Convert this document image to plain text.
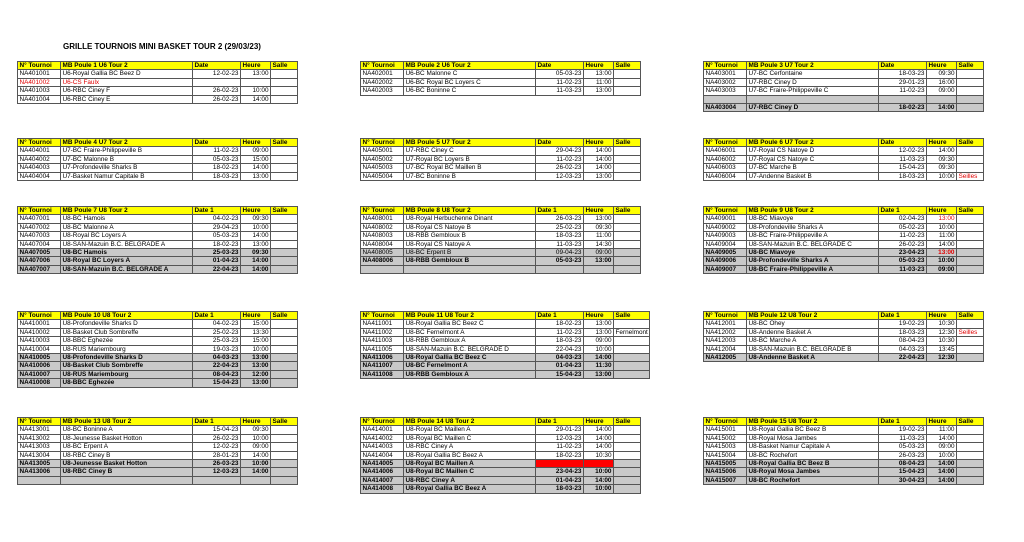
GRILLE TOURNOIS MINI BASKET TOUR 2 (29/03/23)
N° Tournoi	MB Poule 1 U6 Tour 2	Date	Heure	Salle
NA401001	U6-Royal Gallia BC Beez D	12-02-23	13:00	
NA401002	U6-CS Faulx			
NA401003	U6-RBC Ciney F	26-02-23	10:00	
NA401004	U6-RBC Ciney E	26-02-23	14:00	
N° Tournoi	MB Poule 2 U6 Tour 2	Date	Heure	Salle
NA402001	U6-BC Malonne C	05-03-23	13:00	
NA402002	U6-BC Royal BC Loyers C	11-02-23	11:00	
NA402003	U6-BC Boninne C	11-03-23	13:00	
N° Tournoi	MB Poule 3 U7 Tour 2	Date	Heure	Salle
NA403001	U7-BC Cerfontaine	18-03-23	09:30	
NA403002	U7-RBC Ciney D	29-01-23	16:00	
NA403003	U7-BC Fraire-Philippeville C	11-02-23	09:00	

NA403004	U7-RBC Ciney D	18-02-23	14:00	
N° Tournoi	MB Poule 4 U7 Tour 2	Date	Heure	Salle
NA404001	U7-BC Fraire-Philippeville B	11-02-23	09:00	
NA404002	U7-BC Malonne B	05-03-23	15:00	
NA404003	U7-Profondeville Sharks B	18-02-23	14:00	
NA404004	U7-Basket Namur Capitale B	18-03-23	13:00	
N° Tournoi	MB Poule 5 U7 Tour 2	Date	Heure	Salle
NA405001	U7-RBC Ciney C	29-04-23	14:00	
NA405002	U7-Royal BC Loyers B	11-02-23	14:00	
NA405003	U7-BC Royal BC Maillen B	26-02-23	14:00	
NA405004	U7-BC Boninne B	12-03-23	13:00	
N° Tournoi	MB Poule 6 U7 Tour 2	Date	Heure	Salle
NA406001	U7-Royal CS Natoye D	12-02-23	14:00	
NA406002	U7-Royal CS Natoye C	11-03-23	09:30	
NA406003	U7-BC Marche B	15-04-23	09:30	
NA406004	U7-Andenne Basket B	18-03-23	10:00	Seilles
N° Tournoi	MB Poule 7 U8 Tour 2	Date 1	Heure	Salle
NA407001	U8-BC Hamois	04-02-23	09:30	
NA407002	U8-BC Malonne A	29-04-23	10:00	
NA407003	U8-Royal BC Loyers A	05-03-23	14:00	
NA407004	U8-SAN-Mazuin B.C. BELGRADE A	18-02-23	13:00	
NA407005	U8-BC Hamois	25-03-23	09:30	
NA407006	U8-Royal BC Loyers A	01-04-23	14:00	
NA407007	U8-SAN-Mazuin B.C. BELGRADE A	22-04-23	14:00	
N° Tournoi	MB Poule 8 U8 Tour 2	Date 1	Heure	Salle
NA408001	U8-Royal Herbuchenne Dinant	26-03-23	13:00	
NA408002	U8-Royal CS Natoye B	25-02-23	09:30	
NA408003	U8-RBB Gembloux B	18-03-23	11:00	
NA408004	U8-Royal CS Natoye A	11-03-23	14:30	
NA408005	U8-BC Erpent B	09-04-23	09:00	
NA408006	U8-RBB Gembloux B	05-03-23	13:00	

N° Tournoi	MB Poule 9 U8 Tour 2	Date 1	Heure	Salle
NA409001	U8-BC Miavoye	02-04-23	13:00	
NA409002	U8-Profondeville Sharks A	05-02-23	10:00	
NA409003	U8-BC Fraire-Philippeville A	11-02-23	11:00	
NA409004	U8-SAN-Mazuin B.C. BELGRADE C	26-02-23	14:00	
NA409005	U8-BC Miavoye	23-04-23	13:00	
NA409006	U8-Profondeville Sharks A	05-03-23	10:00	
NA409007	U8-BC Fraire-Philippeville A	11-03-23	09:00	
N° Tournoi	MB Poule 10 U8 Tour 2	Date 1	Heure	Salle
NA410001	U8-Profondeville Sharks D	04-02-23	15:00	
NA410002	U8-Basket Club Sombreffe	25-02-23	13:30	
NA410003	U8-BBC Eghezée	25-03-23	15:00	
NA410004	U8-RUS Mariembourg	19-03-23	10:00	
NA410005	U8-Profondeville Sharks D	04-03-23	13:00	
NA410006	U8-Basket Club Sombreffe	22-04-23	13:00	
NA410007	U8-RUS Mariembourg	08-04-23	12:00	
NA410008	U8-BBC Eghezée	15-04-23	13:00	
N° Tournoi	MB Poule 11 U8 Tour 2	Date 1	Heure	Salle
NA411001	U8-Royal Gallia BC Beez C	18-02-23	13:00	
NA411002	U8-BC Fernelmont A	11-02-23	13:00	Fernelmont
NA411003	U8-RBB Gembloux A	18-03-23	09:00	
NA411005	U8-SAN-Mazuin B.C. BELGRADE D	22-04-23	10:00	
NA411006	U8-Royal Gallia BC Beez C	04-03-23	14:00	
NA411007	U8-BC Fernelmont A	01-04-23	11:30	
NA411008	U8-RBB Gembloux A	15-04-23	13:00	
N° Tournoi	MB Poule 12 U8 Tour 2	Date 1	Heure	Salle
NA412001	U8-BC Ohey	19-02-23	10:30	
NA412002	U8-Andenne Basket A	18-03-23	12:30	Seilles
NA412003	U8-BC Marche A	08-04-23	10:30	
NA412004	U8-SAN-Mazuin B.C. BELGRADE B	04-03-23	13:45	
NA412005	U8-Andenne Basket A	22-04-23	12:30	
N° Tournoi	MB Poule 13 U8 Tour 2	Date 1	Heure	Salle
NA413001	U8-BC Boninne A	15-04-23	09:30	
NA413002	U8-Jeunesse Basket Hotton	26-02-23	10:00	
NA413003	U8-BC Erpent A	12-02-23	09:00	
NA413004	U8-RBC Ciney B	28-01-23	14:00	
NA413005	U8-Jeunesse Basket Hotton	26-03-23	10:00	
NA413006	U8-RBC Ciney B	12-03-23	14:00	

N° Tournoi	MB Poule 14 U8 Tour 2	Date 1	Heure	Salle
NA414001	U8-Royal BC Maillen A	29-01-23	14:00	
NA414002	U8-Royal BC Maillen C	12-03-23	14:00	
NA414003	U8-RBC Ciney A	11-02-23	14:00	
NA414004	U8-Royal Gallia BC Beez A	18-02-23	10:30	
NA414005	U8-Royal BC Maillen A			
NA414006	U8-Royal BC Maillen C	23-04-23	10:00	
NA414007	U8-RBC Ciney A	01-04-23	14:00	
NA414008	U8-Royal Gallia BC Beez A	18-03-23	10:00	
N° Tournoi	MB Poule 15 U8 Tour 2	Date 1	Heure	Salle
NA415001	U8-Royal Gallia BC Beez B	19-02-23	11:00	
NA415002	U8-Royal Mosa Jambes	11-03-23	14:00	
NA415003	U8-Basket Namur Capitale A	05-03-23	09:00	
NA415004	U8-BC Rochefort	26-03-23	10:00	
NA415005	U8-Royal Gallia BC Beez B	08-04-23	14:00	
NA415006	U8-Royal Mosa Jambes	15-04-23	14:00	
NA415007	U8-BC Rochefort	30-04-23	14:00	
